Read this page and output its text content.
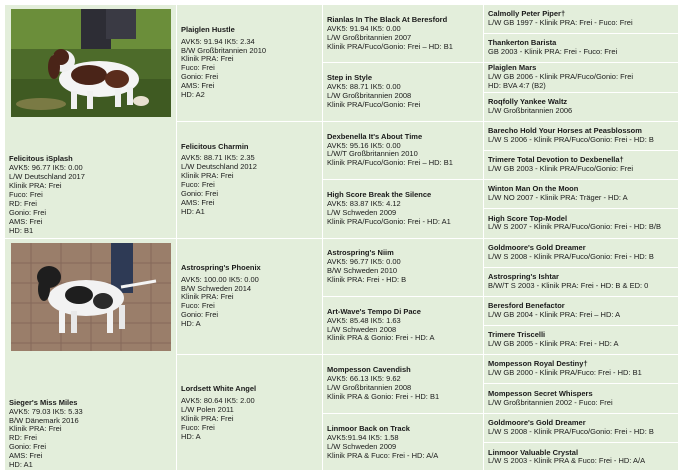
Felicitous iSplash
AVK5: 96.77 IK5: 0.00
L/W Deutschland 2017
Klinik PRA: Frei
Fuco: Frei
RD: Frei
Gonio: Frei
AMS: Frei
HD: B1
Sieger's Miss Miles
AVK5: 79.03 IK5: 5.33
B/W Dänemark 2016
Klinik PRA: Frei
RD: Frei
Gonio: Frei
AMS: Frei
HD: A1
Plaiglen Hustle
AVK5: 91.94 IK5: 2.34
B/W Großbritannien 2010
Klinik PRA: Frei
Fuco: Frei
Gonio: Frei
AMS: Frei
HD: A2
Felicitous Charmin
AVK5: 88.71 IK5: 2.35
L/W Deutschland 2012
Klinik PRA: Frei
Fuco: Frei
Gonio: Frei
AMS: Frei
HD: A1
Astrospring's Phoenix
AVK5: 100.00 IK5: 0.00
B/W Schweden 2014
Klinik PRA: Frei
Fuco: Frei
Gonio: Frei
HD: A
Lordsett White Angel
AVK5: 80.64 IK5: 2.00
L/W Polen 2011
Klinik PRA: Frei
Fuco: Frei
HD: A
Rianlas In The Black At Beresford
AVK5: 91.94 IK5: 0.00
L/W Großbritannien 2007
Klinik PRA/Fuco/Gonio: Frei – HD: B1
Step in Style
AVK5: 88.71 IK5: 0.00
L/W Großbritannien 2008
Klinik PRA/Fuco/Gonio: Frei
Dexbenella It's About Time
AVK5: 95.16 IK5: 0.00
L/W/T Großbritannien 2010
Klinik PRA/Fuco/Gonio: Frei – HD: B1
High Score Break the Silence
AVK5: 83.87 IK5: 4.12
L/W Schweden 2009
Klinik PRA/Fuco/Gonio: Frei - HD: A1
Astrospring's Niim
AVK5: 96.77 IK5: 0.00
B/W Schweden 2010
Klinik PRA: Frei - HD: B
Art-Wave's Tempo Di Pace
AVK5: 85.48 IK5: 1.63
L/W Schweden 2008
Klinik PRA & Gonio: Frei - HD: A
Mompesson Cavendish
AVK5: 66.13 IK5: 9.62
L/W Großbritannien 2008
Klinik PRA & Gonio: Frei - HD: B1
Linmoor Back on Track
AVK5:91.94 IK5: 1.58
L/W Schweden 2009
Klinik PRA & Fuco: Frei - HD: A/A
Calmolly Peter Piper†
L/W GB 1997 - Klinik PRA: Frei - Fuco: Frei
Thankerton Barista
GB 2003 - Klinik PRA: Frei - Fuco: Frei
Plaiglen Mars
L/W GB 2006 - Klinik PRA/Fuco/Gonio: Frei
HD: BVA 4:7 (B2)
Roqfolly Yankee Waltz
L/W Großbritannien 2006
Barecho Hold Your Horses at Peasblossom
L/W S 2006 - Klinik PRA/Fuco/Gonio: Frei - HD: B
Trimere Total Devotion to Dexbenella†
L/W GB 2003 - Klinik PRA/Fuco/Gonio: Frei
Winton Man On the Moon
L/W NO 2007 - Klinik PRA: Träger - HD: A
High Score Top-Model
L/W S 2007 - Klinik PRA/Fuco/Gonio: Frei - HD: B/B
Goldmoore's Gold Dreamer
L/W S 2008 - Klinik PRA/Fuco/Gonio: Frei - HD: B
Astrospring's Ishtar
B/W/T S 2003 - Klinik PRA: Frei - HD: B & ED: 0
Beresford Benefactor
L/W GB 2004 - Klinik PRA: Frei – HD: A
Trimere Triscelli
L/W GB 2005 - Klinik PRA: Frei - HD: A
Mompesson Royal Destiny†
L/W GB 2000 - Klinik PRA/Fuco: Frei - HD: B1
Mompesson Secret Whispers
L/W Großbritannien 2002 - Fuco: Frei
Goldmoore's Gold Dreamer
L/W S 2008 - Klinik PRA/Fuco/Gonio: Frei - HD: B
Linmoor Valuable Crystal
L/W S 2003 - Klinik PRA & Fuco: Frei - HD: A/A
